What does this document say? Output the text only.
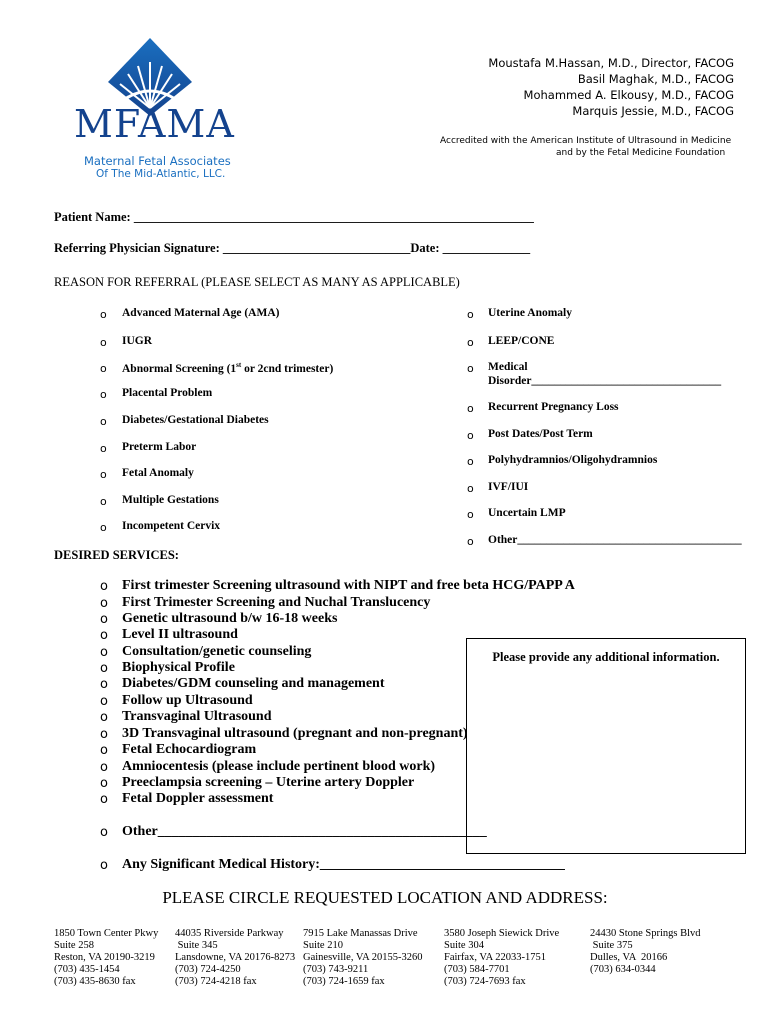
MFAMA
Maternal Fetal Associates
Of The Mid-Atlantic, LLC.
Moustafa M.Hassan, M.D., Director, FACOG
Basil Maghak, M.D., FACOG
Mohammed A. Elkousy, M.D., FACOG
Marquis Jessie, M.D., FACOG
Accredited with the American Institute of Ultrasound in Medicine
and by the Fetal Medicine Foundation
Patient Name: ________________________________________________________________
Referring Physician Signature: ______________________________Date: ______________
REASON FOR REFERRAL (PLEASE SELECT AS MANY AS APPLICABLE)
o Advanced Maternal Age (AMA)
o IUGR
o Abnormal Screening (1st or 2cnd trimester)
o Placental Problem
o Diabetes/Gestational Diabetes
o Preterm Labor
o Fetal Anomaly
o Multiple Gestations
o Incompetent Cervix
o Uterine Anomaly
o LEEP/CONE
o Medical
Disorder_________________________________
o Recurrent Pregnancy Loss
o Post Dates/Post Term
o Polyhydramnios/Oligohydramnios
o IVF/IUI
o Uncertain LMP
o Other_______________________________________
DESIRED SERVICES:
o First trimester Screening ultrasound with NIPT and free beta HCG/PAPP A
o First Trimester Screening and Nuchal Translucency
o Genetic ultrasound b/w 16-18 weeks
o Level II ultrasound
o Consultation/genetic counseling
o Biophysical Profile
o Diabetes/GDM counseling and management
o Follow up Ultrasound
o Transvaginal Ultrasound
o 3D Transvaginal ultrasound (pregnant and non-pregnant)
o Fetal Echocardiogram
o Amniocentesis (please include pertinent blood work)
o Preeclampsia screening – Uterine artery Doppler
o Fetal Doppler assessment
o Other_______________________________________________
o Any Significant Medical History:___________________________________
Please provide any additional information.
PLEASE CIRCLE REQUESTED LOCATION AND ADDRESS:
1850 Town Center Pkwy
Suite 258
Reston, VA 20190-3219
(703) 435-1454
(703) 435-8630 fax
44035 Riverside Parkway
Suite 345
Lansdowne, VA 20176-8273
(703) 724-4250
(703) 724-4218 fax
7915 Lake Manassas Drive
Suite 210
Gainesville, VA 20155-3260
(703) 743-9211
(703) 724-1659 fax
3580 Joseph Siewick Drive
Suite 304
Fairfax, VA 22033-1751
(703) 584-7701
(703) 724-7693 fax
24430 Stone Springs Blvd
Suite 375
Dulles, VA  20166
(703) 634-0344
